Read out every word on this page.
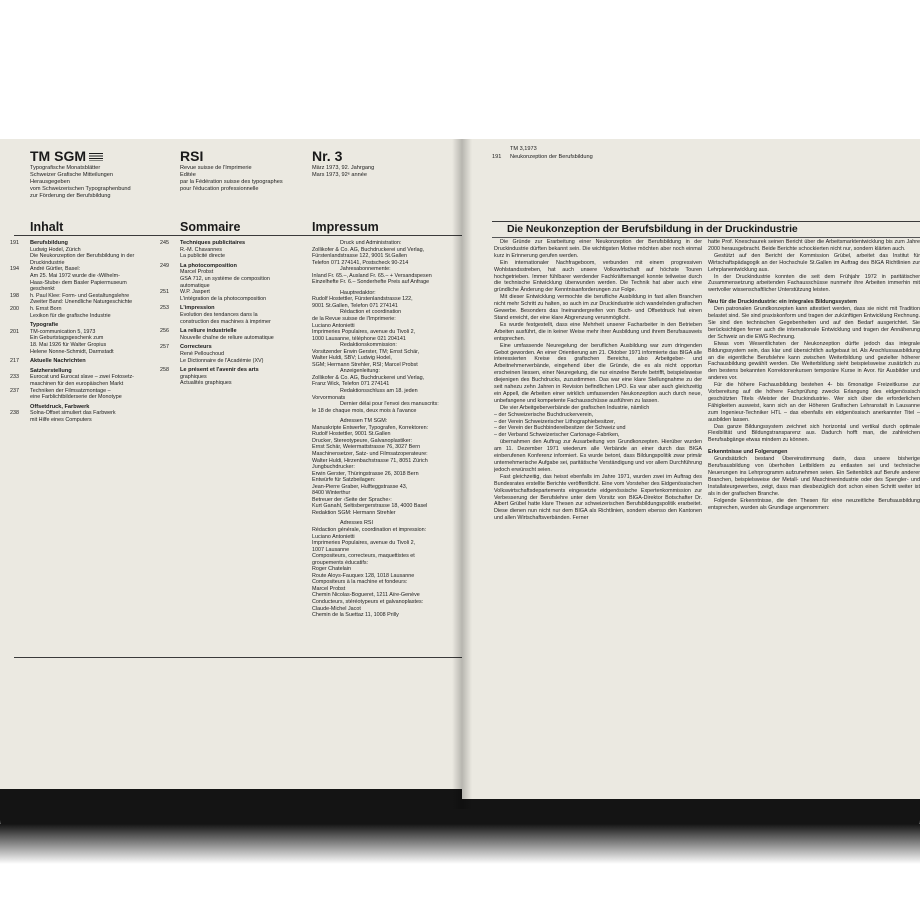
TM SGM
Typografische Monatsblätter
Schweizer Grafische Mitteilungen
Herausgegeben
vom Schweizerischen Typographenbund
zur Förderung der Berufsbildung
RSI
Revue suisse de l'Imprimerie
Editée
par la Fédération suisse des typographes
pour l'éducation professionnelle
Nr. 3
März 1973, 92. Jahrgang
Mars 1973, 92ᵉ année
Inhalt	Sommaire	Impressum
Berufsbildung
191
Ludwig Hodel, Zürich
Die Neukonzeption der Berufsbildung in der
Druckindustrie
194 André Gürtler, Basel:
Am 25. Mai 1972 wurde die ‹Wilhelm-
Haas-Stube› dem Basler Papiermuseum
geschenkt
198 h. Paul Klee: Form- und Gestaltungslehre
Zweiter Band: Unendliche Naturgeschichte
200 h. Ernst Born
Lexikon für die grafische Industrie
Typografie
201 TM-communication 5, 1973
Ein Geburtstagsgeschenk zum
18. Mai 1926 für Walter Gropius
Helene Nonne-Schmidt, Darmstadt
Aktuelle Nachrichten
217
Satzherstellung
233 Eurocat und Eurocat slave – zwei Fotosetz-
maschinen für den europäischen Markt
237 Techniken der Filmsatzmontage –
eine Farblichtbilderserie der Monotype
Offsetdruck, Farbwerk
238 Solna-Offset simuliert das Farbwerk
mit Hilfe eines Computers
Techniques publicitaires
245
R.-M. Chavannes
La publicité directe
La photocomposition
249
Marcel Probst
GSA 712, un système de composition
automatique
251 W.P. Jaspert
L'intégration de la photocomposition
L'impression
253
Evolution des tendances dans la
construction des machines à imprimer
La reliure industrielle
256
Nouvelle chaîne de reliure automatique
Correcteurs
257
René Pellouchoud
Le Dictionnaire de l'Académie (XV)
Le présent et l'avenir des arts
258
graphiques
Actualités graphiques
Druck und Administration:
Zollikofer & Co. AG, Buchdruckerei und Verlag,
Fürstenlandstrasse 122, 9001 St.Gallen
Telefon 071 274141, Postscheck 90-214
Jahresabonnemente:
Inland Fr. 65.–, Ausland Fr. 65.– + Versandspesen
Einzelhefte Fr. 6.– Sonderhefte Preis auf Anfrage
Hauptredaktor:
Rudolf Hostettler, Fürstenlandstrasse 122,
9001 St.Gallen, Telefon 071 274141
Rédaction et coordination
de la Revue suisse de l'Imprimerie:
Luciano Antonietti
Imprimeries Populaires, avenue du Tivoli 2,
1000 Lausanne, téléphone 021 204141
Redaktionskommission:
Vorsitzender Erwin Gerster, TM; Ernst Schär,
Walter Huldi, SBV; Ludwig Hodel,
SGM; Hermann Strehler, RSI; Marcel Probst
Anzeigenleitung:
Zollikofer & Co. AG, Buchdruckerei und Verlag,
Franz Wick, Telefon 071 274141
Redaktionsschluss am 18. jeden
Vorvormonats
Dernier délai pour l'envoi des manuscrits:
le 18 de chaque mois, deux mois à l'avance
Adressen TM SGM:
Manuskripte Entwerfer, Typografen, Korrektoren:
Rudolf Hostettler, 9001 St.Gallen
Drucker, Stereotypeure, Galvanoplastiker:
Ernst Schär, Weiermattstrasse 76, 3027 Bern
Maschinensetzer, Satz- und Filmsatzoperateure:
Walter Huldi, Hirzenbachstrasse 71, 8051 Zürich
Jungbuchdrucker:
Erwin Gerster, Thüringstrasse 26, 3018 Bern
Entwürfe für Satzbeilagen:
Jean-Pierre Graber, Hulfteggstrasse 43,
8400 Winterthur
Betreuer der ‹Seite der Sprache›:
Kurt Ganahl, Seltisbergerstrasse 18, 4000 Basel
Redaktion SGM: Hermann Strehler
Adresses RSI
Rédaction générale, coordination et impression:
Luciano Antonietti
Imprimeries Populaires, avenue du Tivoli 2,
1007 Lausanne
Compositeurs, correcteurs, maquettistes et
groupements éducatifs:
Roger Chatelain
Route Aloys-Fauquex 128, 1018 Lausanne
Compositeurs à la machine et fondeurs:
Marcel Probst
Chemin Nicolas-Bogueret, 1211 Aïre-Genève
Conducteurs, stéréotypeurs et galvanoplastes:
Claude-Michel Jacot
Chemin de la Suettaz 11, 1008 Prilly
TM 3,1973
191 Neukonzeption der Berufsbildung
Die Neukonzeption der Berufsbildung in der Druckindustrie

Die Gründe zur Erarbeitung einer Neukonzeption der Berufsbildung in der Druckindustrie dürften bekannt sein. Die wichtigsten Motive möchten aber noch einmal kurz in Erinnerung gerufen werden.

Ein internationaler Nachfrageboom, verbunden mit einem progressiven Wohlstandsstreben, hat auch unsere Volkswirtschaft auf höchste Touren hochgetrieben. Immer fühlbarer werdender Fachkräftemangel konnte teilweise durch die technische Entwicklung überwunden werden. Die Technik hat aber auch eine gründliche Änderung der Kenntnisanforderungen zur Folge.

Mit dieser Entwicklung vermochte die berufliche Ausbildung in fast allen Branchen nicht mehr Schritt zu halten, so auch im zur Druckindustrie sich wandelnden grafischen Gewerbe. Besonders das Ineinandergreifen von Buch- und Offsetdruck hat einen Stand erreicht, der eine klare Abgrenzung verunmöglicht.

Es wurde festgestellt, dass eine Mehrheit unserer Facharbeiter in den Betrieben Arbeiten ausführt, die in keiner Weise mehr ihrer Ausbildung und ihrem Berufsausweis entsprechen.

Eine umfassende Neuregelung der beruflichen Ausbildung war zum dringenden Gebot geworden. An einer Orientierung am 21. Oktober 1971 informierte das BIGA alle interessierten Kreise des grafischen Bereichs, also Arbeitgeber- und Arbeitnehmerverbände, eingehend über die Gründe, die es als nicht opportun erscheinen liessen, einer Neuregelung, die nur einzelne Berufe betrifft, beispielsweise diejenigen des Buchdrucks, zuzustimmen. Das war eine klare Stellungnahme zu der seit nahezu zehn Jahren in Revision befindlichen LPO. Es war aber auch gleichzeitig ein Appell, die Arbeiten einer wirklich umfassenden Neukonzeption auch durch neue, unbefangene und kompetente Fachausschüsse ausführen zu lassen.

Die vier Arbeitgeberverbände der grafischen Industrie, nämlich

– der Schweizerische Buchdruckerverein,

– der Verein Schweizerischer Lithographiebesitzer,

– der Verein der Buchbindereibesitzer der Schweiz und

– der Verband Schweizerischer Cartonage-Fabriken,

übernahmen den Auftrag zur Ausarbeitung von Grundkonzepten. Hierüber wurden am 11. Dezember 1971 wiederum alle Verbände an einer durch das BIGA einberufenen Konferenz informiert. Es wurde betont, dass Bildungspolitik zwar primär unternehmerische Aufgabe sei, paritätische Verständigung und vor allem Durchführung jedoch erwünscht seien.

Fast gleichzeitig, das heisst ebenfalls im Jahre 1971, wurden zwei im Auftrag des Bundesrates erstellte Berichte veröffentlicht. Eine vom Vorsteher des Eidgenössischen Volkswirtschaftsdepartements eingesetzte eidgenössische Expertenkommission zur Verbesserung der Berufslehre unter dem Vorsitz von BIGA-Direktor Botschafter Dr. Albert Grübel hatte klare Thesen zur schweizerischen Berufsbildungspolitik erarbeitet. Diese dienen nun nicht nur dem BIGA als Richtlinien, sondern ebenso den Kantonen und allen Wirtschaftsverbänden. Ferner

hatte Prof. Kneschaurek seinen Bericht über die Arbeitsmarktentwicklung bis zum Jahre 2000 herausgebracht. Beide Berichte schockierten nicht nur, sondern klärten auch.

Gestützt auf den Bericht der Kommission Grübel, arbeitet das Institut für Wirtschaftspädagogik an der Hochschule St.Gallen im Auftrag des BIGA Richtlinien zur Lehrplanentwicklung aus.

In der Druckindustrie konnten die seit dem Frühjahr 1972 in paritätischer Zusammensetzung arbeitenden Fachausschüsse nunmehr ihre Arbeiten immerhin mit wertvoller wissenschaftlicher Unterstützung leisten.

Neu für die Druckindustrie: ein integrales Bildungssystem

Den patronalen Grundkonzepten kann attestiert werden, dass sie nicht mit Tradition belastet sind. Sie sind praxiskonform und tragen der zukünftigen Entwicklung Rechnung. Sie sind den technischen Gegebenheiten und auf den Bedarf ausgerichtet. Sie berücksichtigen ferner auch die internationale Entwicklung und tragen der Annäherung der Schweiz an die EWG Rechnung.

Etwas vom Wesentlichsten der Neukonzeption dürfte jedoch das integrale Bildungssystem sein, das klar und übersichtlich aufgebaut ist. Als Anschlussausbildung an die eigentliche Berufslehre kann zwischen Weiterbildung und gezielter höherer Fachausbildung gewählt werden. Die Weiterbildung sieht beispielsweise zusätzlich zu den bestens bekannten Korrektorenkursen temporäre Kurse in Avor. für Ausbilder und anderes vor.

Für die höhere Fachausbildung bestehen 4- bis 6monatige Freizeitkurse zur Vorbereitung auf die höhere Fachprüfung zwecks Erlangung des eidgenössisch geschützten Titels ‹Meister der Druckindustrie›. Wer sich über die erforderlichen Fähigkeiten ausweist, kann sich an der Höheren Grafischen Lehranstalt in Lausanne zum Ingenieur-Techniker HTL – das ebenfalls ein eidgenössisch anerkannter Titel – ausbilden lassen.

Das ganze Bildungssystem zeichnet sich horizontal und vertikal durch optimale Flexibilität und Bildungstransparenz aus. Dadurch hofft man, die zahlreichen Berufsabgänge etwas mindern zu können.

Erkenntnisse und Folgerungen

Grundsätzlich bestand Übereinstimmung darin, dass unsere bisherige Berufsausbildung von überholten Leitbildern zu entlasten sei und technische Neuerungen ins Lehrprogramm aufzunehmen seien. Ein Seitenblick auf Berufe anderer Branchen, beispielsweise der Metall- und Maschinenindustrie oder des Spengler- und Installateurgewerbes, zeigt, dass man diesbezüglich dort schon einen Schritt weiter ist als in der grafischen Branche.

Folgende Erkenntnisse, die den Thesen für eine neuzeitliche Berufsausbildung entsprechen, wurden als Grundlage angenommen:
